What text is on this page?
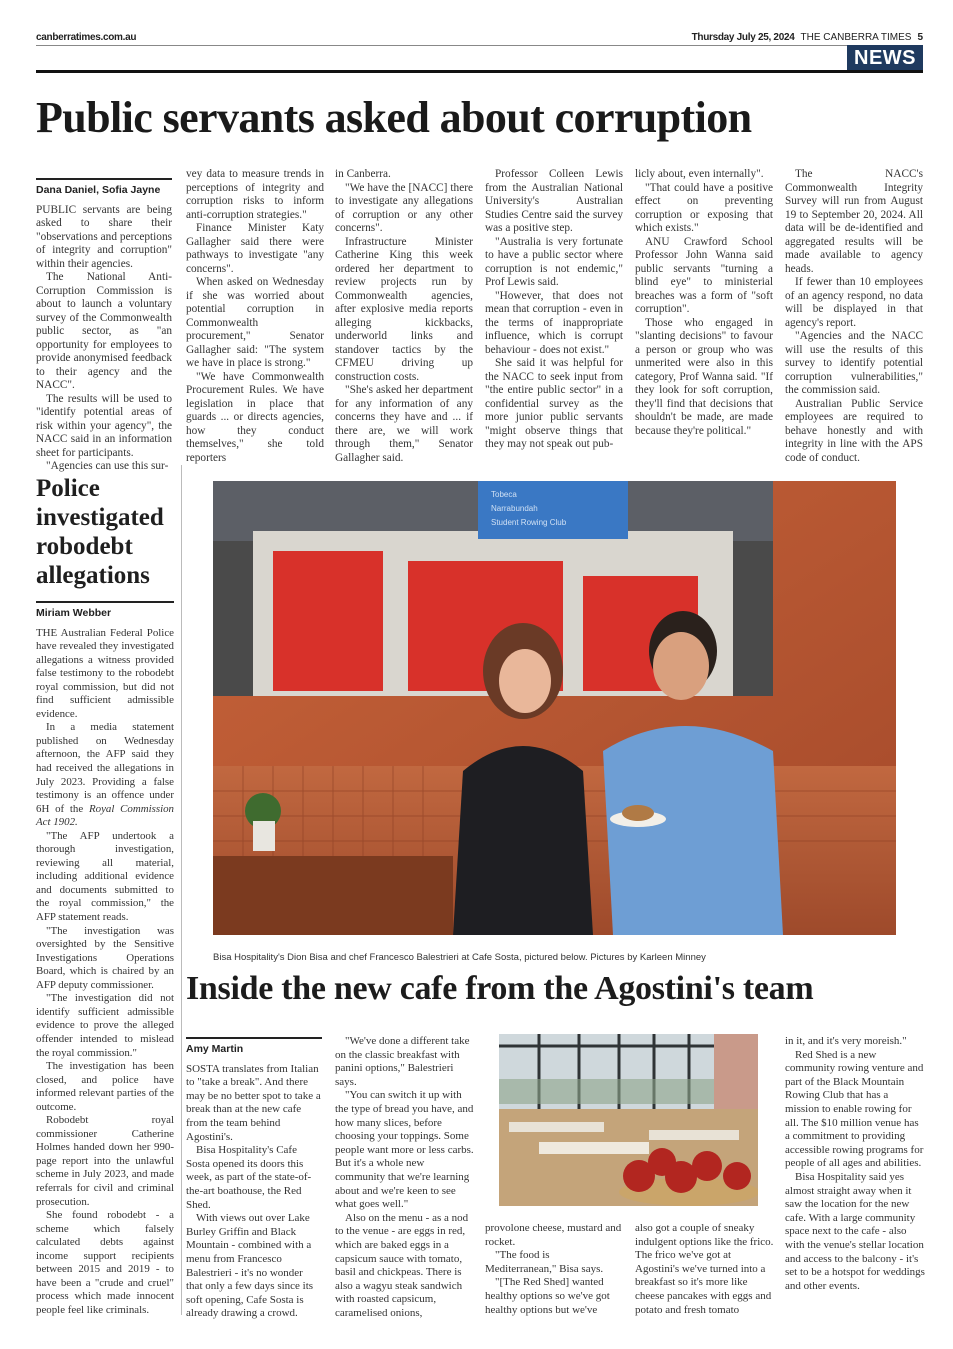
canberratimes.com.au	Thursday July 25, 2024 THE CANBERRA TIMES 5
NEWS
Public servants asked about corruption
Dana Daniel, Sofia Jayne

PUBLIC servants are being asked to share their "observations and perceptions of integrity and corruption" within their agencies.

The National Anti-Corruption Commission is about to launch a voluntary survey of the Commonwealth public sector, as "an opportunity for employees to provide anonymised feedback to their agency and the NACC".

The results will be used to "identify potential areas of risk within your agency", the NACC said in an information sheet for participants.

"Agencies can use this sur-

vey data to measure trends in perceptions of integrity and corruption risks to inform anti-corruption strategies."

Finance Minister Katy Gallagher said there were pathways to investigate "any concerns".

When asked on Wednesday if she was worried about potential corruption in Commonwealth procurement," Senator Gallagher said: "The system we have in place is strong."

"We have Commonwealth Procurement Rules. We have legislation in place that guards ... or directs agencies, how they conduct themselves," she told reporters

in Canberra.

"We have the [NACC] there to investigate any allegations of corruption or any other concerns".

Infrastructure Minister Catherine King this week ordered her department to review projects run by Commonwealth agencies, after explosive media reports alleging kickbacks, underworld links and standover tactics by the CFMEU driving up construction costs.

"She's asked her department for any information of any concerns they have and ... if there are, we will work through them," Senator Gallagher said.

Professor Colleen Lewis from the Australian National University's Australian Studies Centre said the survey was a positive step.

"Australia is very fortunate to have a public sector where corruption is not endemic," Prof Lewis said.

"However, that does not mean that corruption - even in the terms of inappropriate influence, which is corrupt behaviour - does not exist."

She said it was helpful for the NACC to seek input from "the entire public sector" in a confidential survey as the more junior public servants "might observe things that they may not speak out pub-

licly about, even internally".

"That could have a positive effect on preventing corruption or exposing that which exists."

ANU Crawford School Professor John Wanna said public servants "turning a blind eye" to ministerial breaches was a form of "soft corruption".

Those who engaged in "slanting decisions" to favour a person or group who was unmerited were also in this category, Prof Wanna said. "If they look for soft corruption, they'll find that decisions that shouldn't be made, are made because they're political."

The NACC's Commonwealth Integrity Survey will run from August 19 to September 20, 2024. All data will be de-identified and aggregated results will be made available to agency heads.

If fewer than 10 employees of an agency respond, no data will be displayed in that agency's report.

"Agencies and the NACC will use the results of this survey to identify potential corruption vulnerabilities," the commission said.

Australian Public Service employees are required to behave honestly and with integrity in line with the APS code of conduct.

Police investigated robodebt allegations
Miriam Webber

THE Australian Federal Police have revealed they investigated allegations a witness provided false testimony to the robodebt royal commission, but did not find sufficient admissible evidence.

In a media statement published on Wednesday afternoon, the AFP said they had received the allegations in July 2023. Providing a false testimony is an offence under 6H of the Royal Commission Act 1902.

"The AFP undertook a thorough investigation, reviewing all material, including additional evidence and documents submitted to the royal commission," the AFP statement reads.

"The investigation was oversighted by the Sensitive Investigations Operations Board, which is chaired by an AFP deputy commissioner.

"The investigation did not identify sufficient admissible evidence to prove the alleged offender intended to mislead the royal commission."

The investigation has been closed, and police have informed relevant parties of the outcome.

Robodebt royal commissioner Catherine Holmes handed down her 990-page report into the unlawful scheme in July 2023, and made referrals for civil and criminal prosecution.

She found robodebt - a scheme which falsely calculated debts against income support recipients between 2015 and 2019 - to have been a "crude and cruel" process which made innocent people feel like criminals.

Tobeca
Narrabundah
Student Rowing Club
Bisa Hospitality's Dion Bisa and chef Francesco Balestrieri at Cafe Sosta, pictured below. Pictures by Karleen Minney
Inside the new cafe from the Agostini's team
Amy Martin

SOSTA translates from Italian to "take a break". And there may be no better spot to take a break than at the new cafe from the team behind Agostini's.

Bisa Hospitality's Cafe Sosta opened its doors this week, as part of the state-of-the-art boathouse, the Red Shed.

With views out over Lake Burley Griffin and Black Mountain - combined with a menu from Francesco Balestrieri - it's no wonder that only a few days since its soft opening, Cafe Sosta is already drawing a crowd.

"We've done a different take on the classic breakfast with panini options," Balestrieri says.

"You can switch it up with the type of bread you have, and how many slices, before choosing your toppings. Some people want more or less carbs. But it's a whole new community that we're learning about and we're keen to see what goes well."

Also on the menu - as a nod to the venue - are eggs in red, which are baked eggs in a capsicum sauce with tomato, basil and chickpeas. There is also a wagyu steak sandwich with roasted capsicum, caramelised onions,

provolone cheese, mustard and rocket.

"The food is Mediterranean," Bisa says.

"[The Red Shed] wanted healthy options so we've got healthy options but we've

also got a couple of sneaky indulgent options like the frico. The frico we've got at Agostini's we've turned into a breakfast so it's more like cheese pancakes with eggs and potato and fresh tomato

in it, and it's very moreish."

Red Shed is a new community rowing venture and part of the Black Mountain Rowing Club that has a mission to enable rowing for all. The $10 million venue has a commitment to providing accessible rowing programs for people of all ages and abilities.

Bisa Hospitality said yes almost straight away when it saw the location for the new cafe. With a large community space next to the cafe - also with the venue's stellar location and access to the balcony - it's set to be a hotspot for weddings and other events.
